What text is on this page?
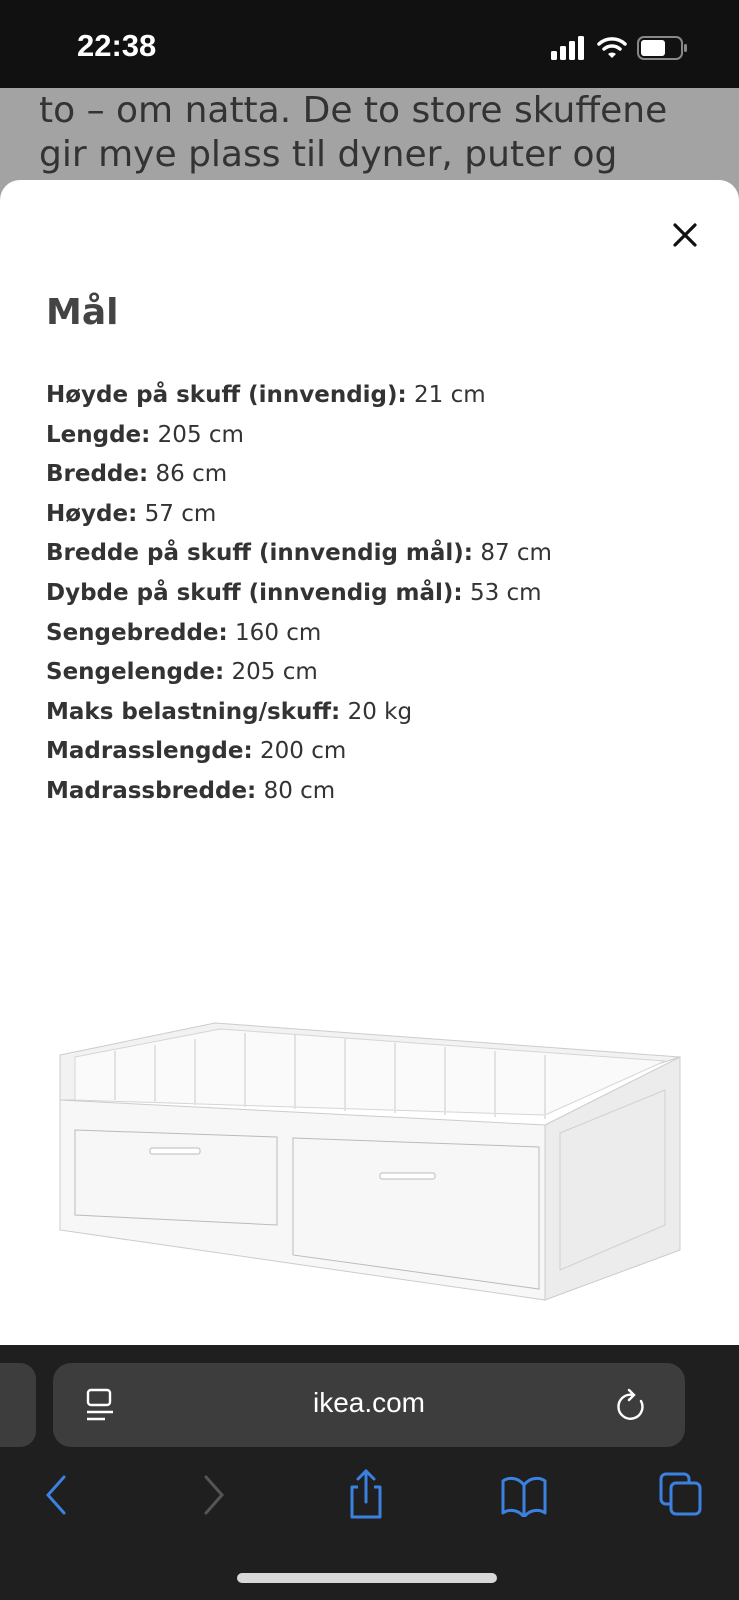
22:38
to – om natta. De to store skuffene
gir mye plass til dyner, puter og
Mål
Høyde på skuff (innvendig): 21 cm
Lengde: 205 cm
Bredde: 86 cm
Høyde: 57 cm
Bredde på skuff (innvendig mål): 87 cm
Dybde på skuff (innvendig mål): 53 cm
Sengebredde: 160 cm
Sengelengde: 205 cm
Maks belastning/skuff: 20 kg
Madrasslengde: 200 cm
Madrassbredde: 80 cm
ikea.com
